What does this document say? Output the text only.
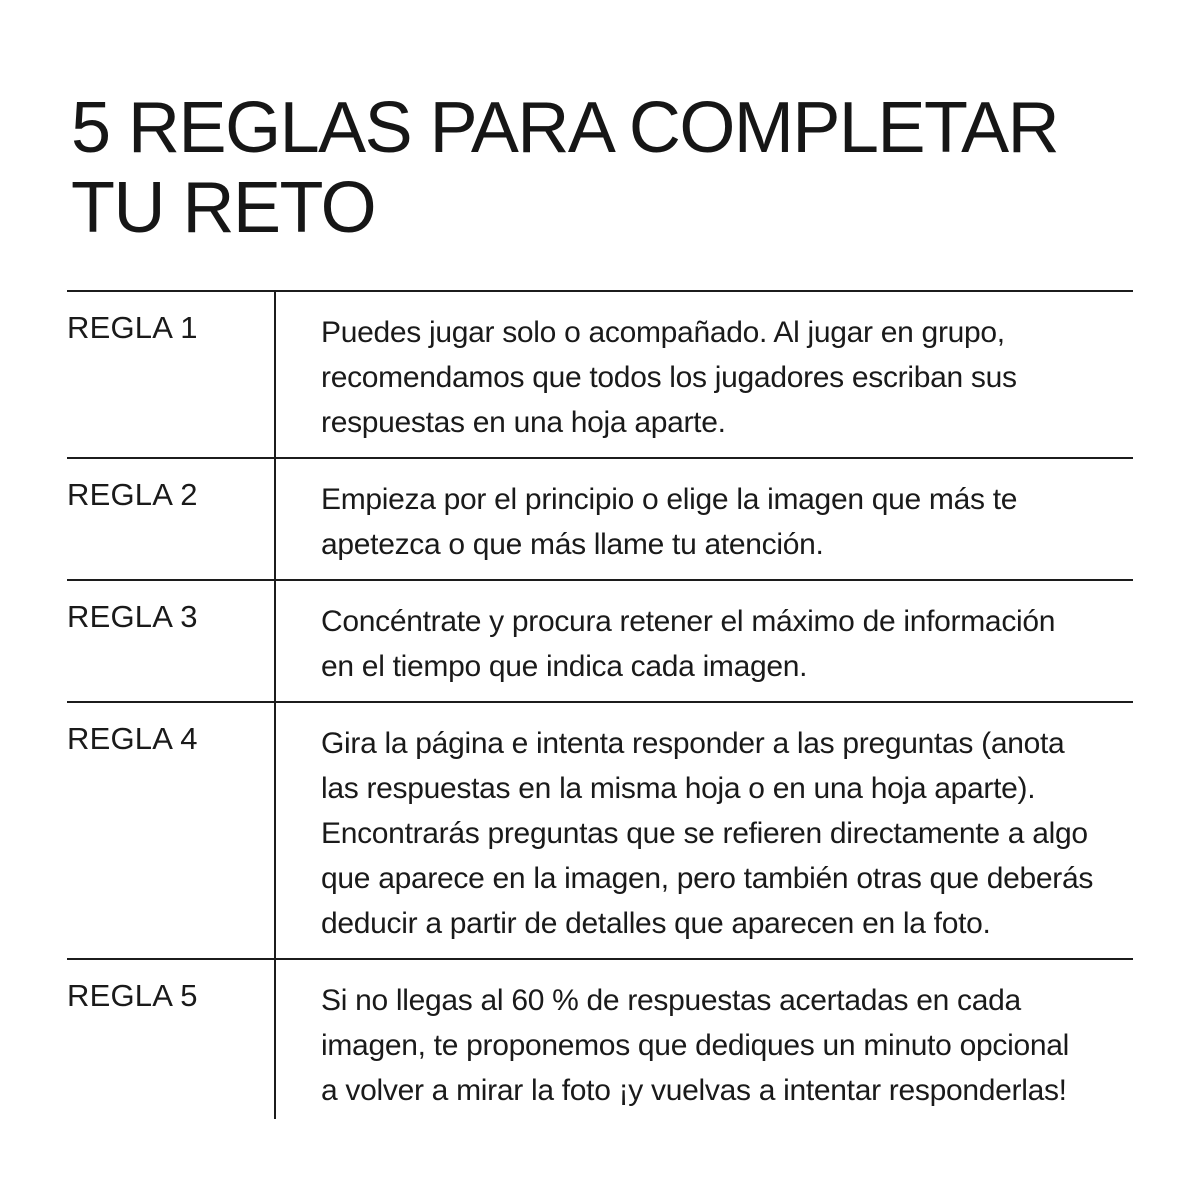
5 REGLAS PARA COMPLETAR
TU RETO
REGLA 1	Puedes jugar solo o acompañado. Al jugar en grupo,
recomendamos que todos los jugadores escriban sus
respuestas en una hoja aparte.
REGLA 2	Empieza por el principio o elige la imagen que más te
apetezca o que más llame tu atención.
REGLA 3	Concéntrate y procura retener el máximo de información
en el tiempo que indica cada imagen.
REGLA 4	Gira la página e intenta responder a las preguntas (anota
las respuestas en la misma hoja o en una hoja aparte).
Encontrarás preguntas que se refieren directamente a algo
que aparece en la imagen, pero también otras que deberás
deducir a partir de detalles que aparecen en la foto.
REGLA 5	Si no llegas al 60 % de respuestas acertadas en cada
imagen, te proponemos que dediques un minuto opcional
a volver a mirar la foto ¡y vuelvas a intentar responderlas!
